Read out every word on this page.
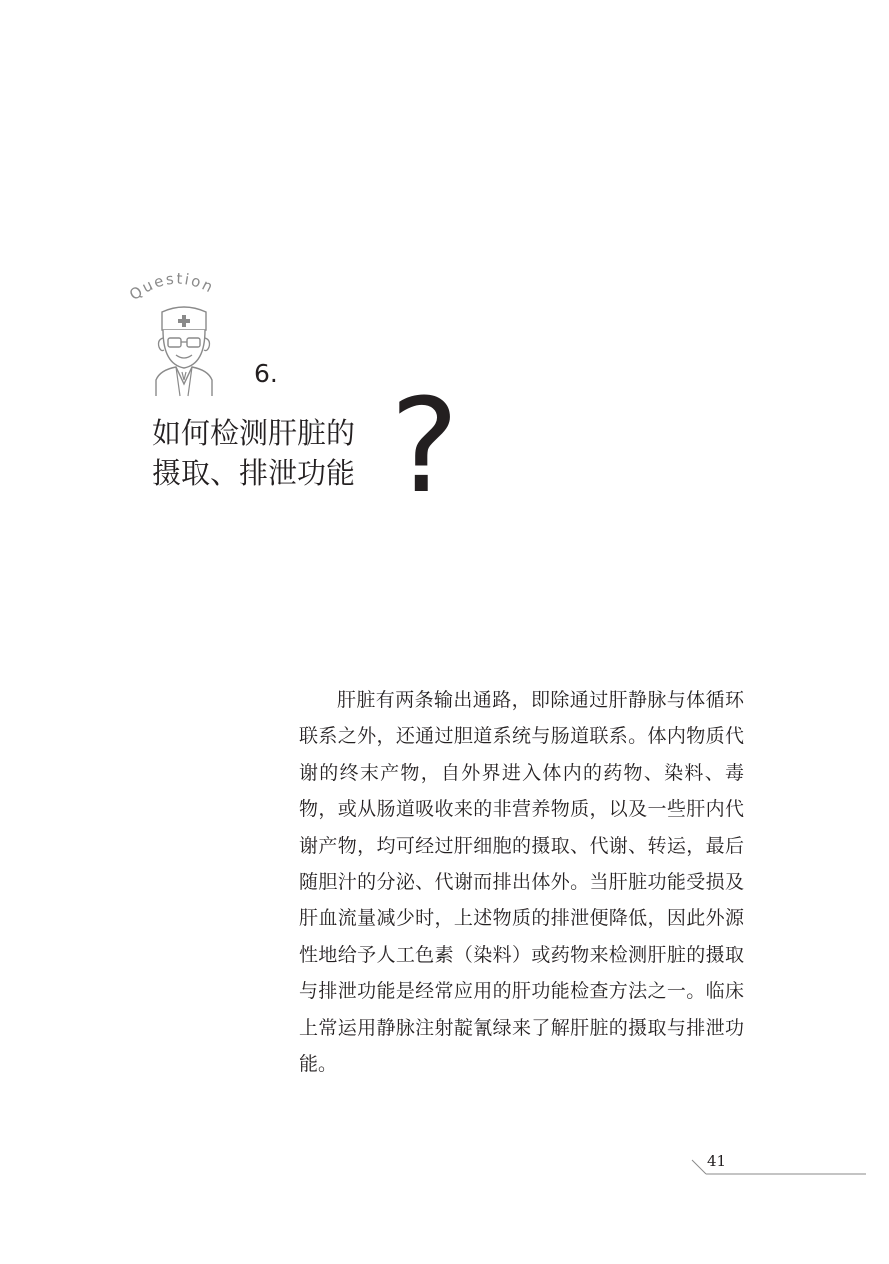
Question
6.
如何检测肝脏的
摄取、排泄功能 ?

肝脏有两条输出通路，即除通过肝静脉与体循环联系之外，还通过胆道系统与肠道联系。体内物质代谢的终末产物，自外界进入体内的药物、染料、毒物，或从肠道吸收来的非营养物质，以及一些肝内代谢产物，均可经过肝细胞的摄取、代谢、转运，最后随胆汁的分泌、代谢而排出体外。当肝脏功能受损及肝血流量减少时，上述物质的排泄便降低，因此外源性地给予人工色素（染料）或药物来检测肝脏的摄取与排泄功能是经常应用的肝功能检查方法之一。临床上常运用静脉注射靛氰绿来了解肝脏的摄取与排泄功能。

41
